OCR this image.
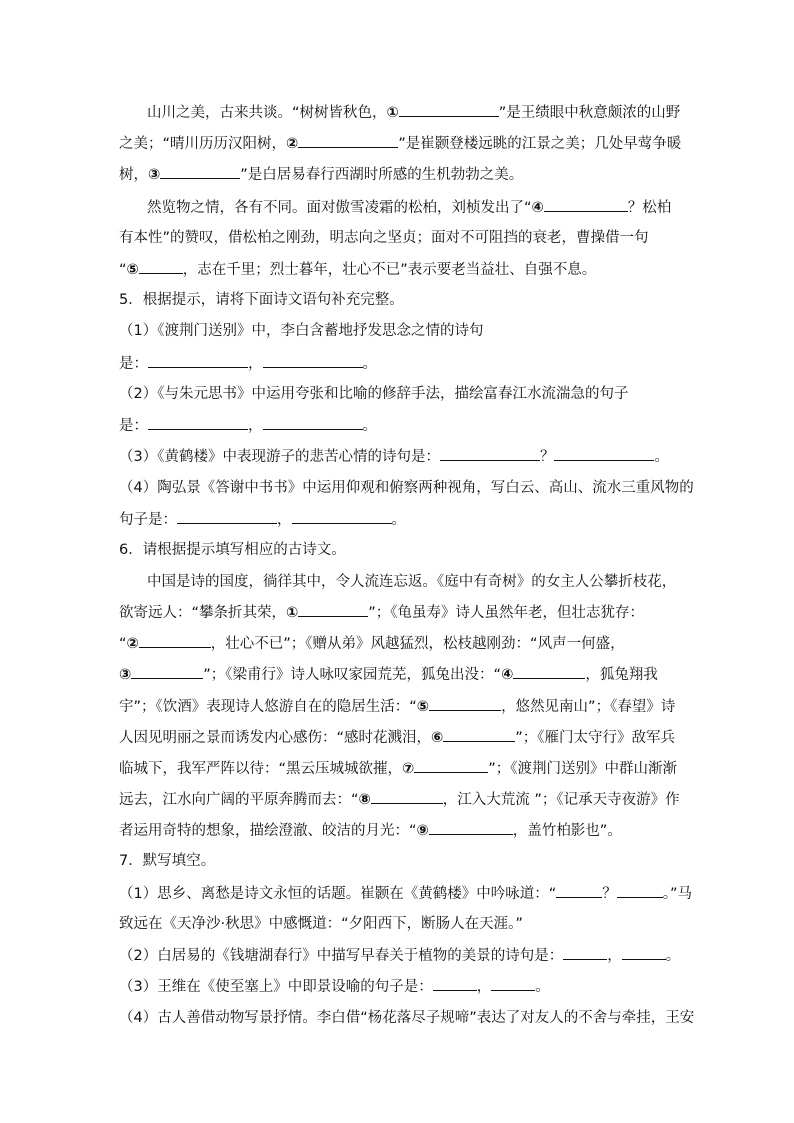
山川之美，古来共谈。“树树皆秋色，①	”是王绩眼中秋意颇浓的山野
之美；“晴川历历汉阳树，②	”是崔颢登楼远眺的江景之美；几处早莺争暖
树，③	”是白居易春行西湖时所感的生机勃勃之美。
然览物之情，各有不同。面对傲雪凌霜的松柏，刘桢发出了“④	？松柏
有本性”的赞叹，借松柏之刚劲，明志向之坚贞；面对不可阻挡的衰老，曹操借一句
“⑤	，志在千里；烈士暮年，壮心不已”表示要老当益壮、自强不息。
5．根据提示，请将下面诗文语句补充完整。
（1）《渡荆门送别》中，李白含蓄地抒发思念之情的诗句
是：	，	。
（2）《与朱元思书》中运用夸张和比喻的修辞手法，描绘富春江水流湍急的句子
是：	，	。
（3）《黄鹤楼》中表现游子的悲苦心情的诗句是：	？	。
（4）陶弘景《答谢中书书》中运用仰观和俯察两种视角，写白云、高山、流水三重风物的
句子是：	，	。
6．请根据提示填写相应的古诗文。
中国是诗的国度，徜徉其中，令人流连忘返。《庭中有奇树》的女主人公攀折枝花，
欲寄远人：“攀条折其荣，①	”；《龟虽寿》诗人虽然年老，但壮志犹存：
“②	，壮心不已”；《赠从弟》风越猛烈，松枝越刚劲：“风声一何盛，
③	”；《梁甫行》诗人咏叹家园荒芜，狐兔出没：“④	，狐兔翔我
宇”；《饮酒》表现诗人悠游自在的隐居生活：“⑤	，悠然见南山”；《春望》诗
人因见明丽之景而诱发内心感伤：“感时花溅泪，⑥	”；《雁门太守行》敌军兵
临城下，我军严阵以待：“黑云压城城欲摧，⑦	”；《渡荆门送别》中群山渐渐
远去，江水向广阔的平原奔腾而去：“⑧	，江入大荒流 ”；《记承天寺夜游》作
者运用奇特的想象，描绘澄澈、皎洁的月光：“⑨	，盖竹柏影也”。
7．默写填空。
（1）思乡、离愁是诗文永恒的话题。崔颢在《黄鹤楼》中吟咏道：“	？	。”马
致远在《天净沙·秋思》中感慨道：“夕阳西下，断肠人在天涯。”
（2）白居易的《钱塘湖春行》中描写早春关于植物的美景的诗句是：	，	。
（3）王维在《使至塞上》中即景设喻的句子是：	，	。
（4）古人善借动物写景抒情。李白借“杨花落尽子规啼”表达了对友人的不舍与牵挂，王安
